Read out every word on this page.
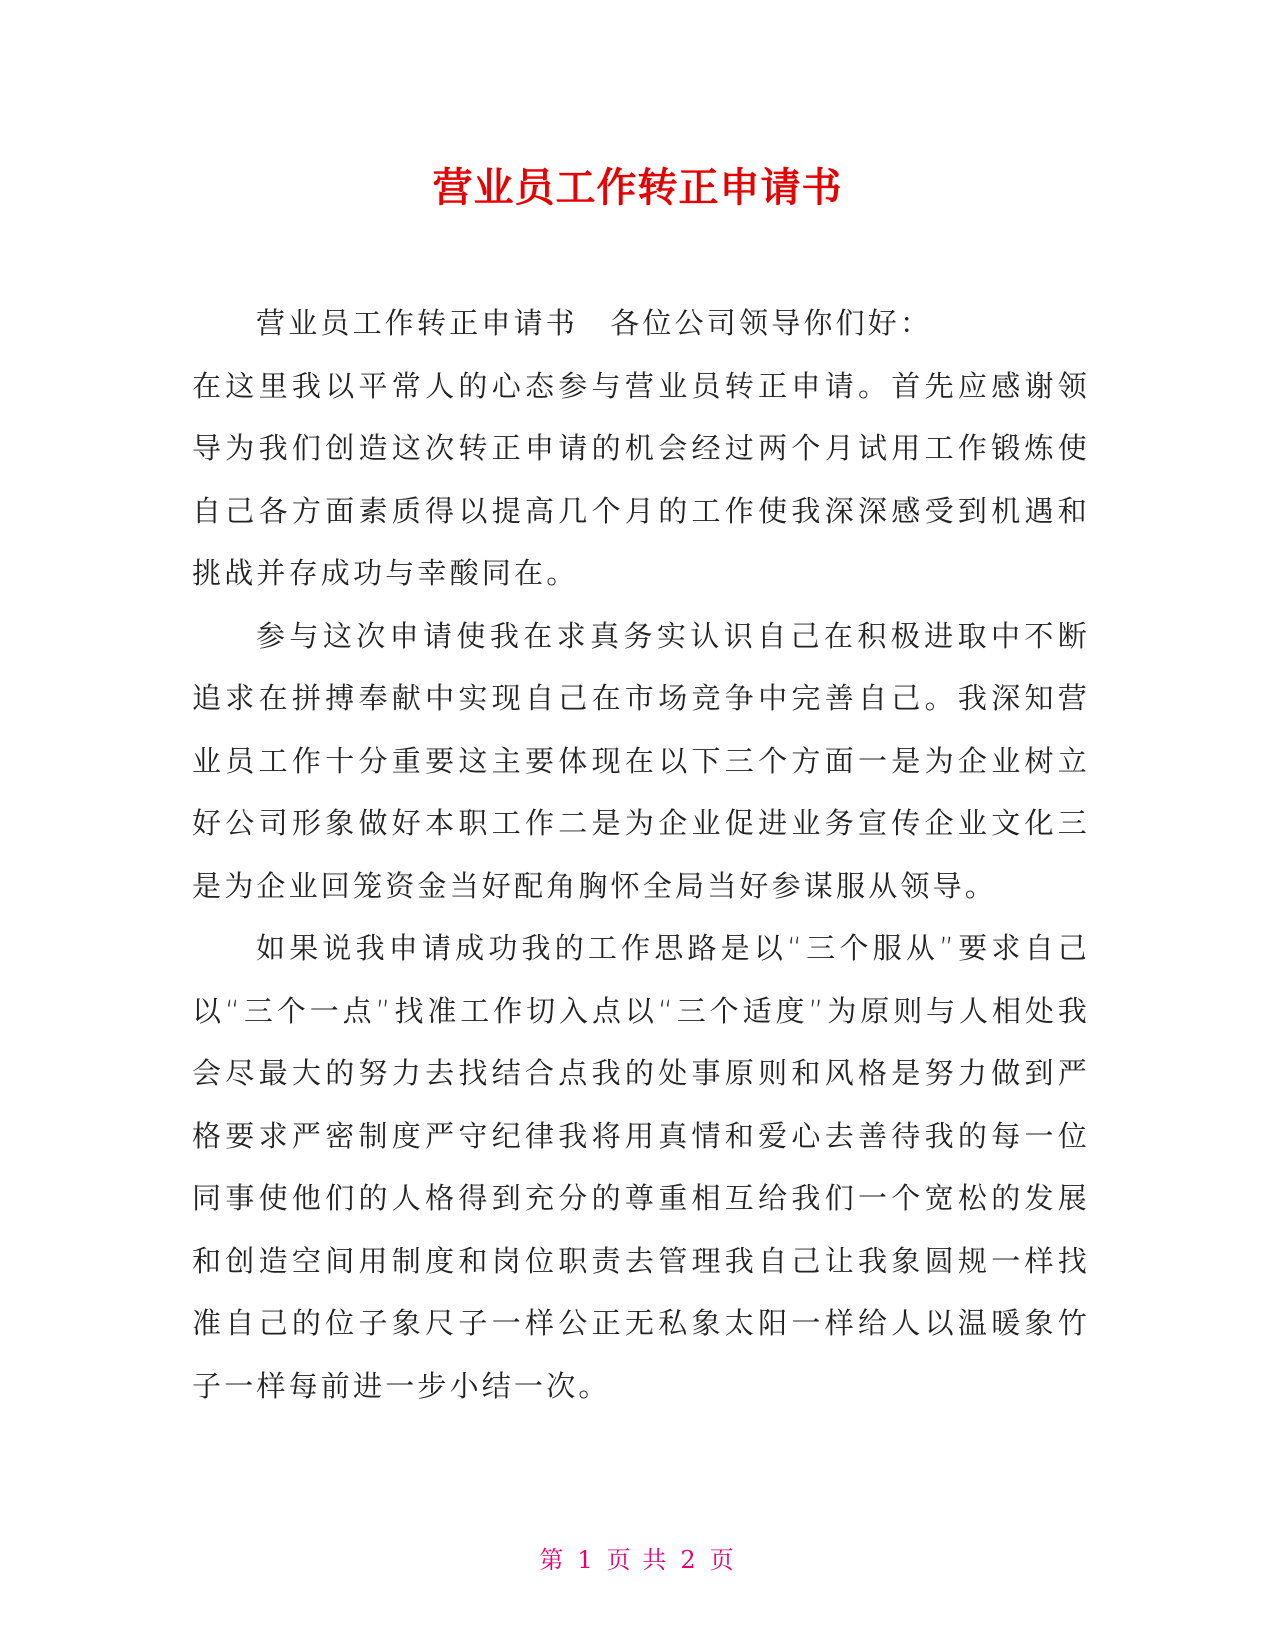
营业员工作转正申请书

营业员工作转正申请书　各位公司领导你们好：

在这里我以平常人的心态参与营业员转正申请。首先应感谢领导为我们创造这次转正申请的机会经过两个月试用工作锻炼使自己各方面素质得以提高几个月的工作使我深深感受到机遇和挑战并存成功与幸酸同在。

参与这次申请使我在求真务实认识自己在积极进取中不断追求在拼搏奉献中实现自己在市场竞争中完善自己。我深知营业员工作十分重要这主要体现在以下三个方面一是为企业树立好公司形象做好本职工作二是为企业促进业务宣传企业文化三是为企业回笼资金当好配角胸怀全局当好参谋服从领导。

如果说我申请成功我的工作思路是以“三个服从”要求自己以“三个一点”找准工作切入点以“三个适度”为原则与人相处我会尽最大的努力去找结合点我的处事原则和风格是努力做到严格要求严密制度严守纪律我将用真情和爱心去善待我的每一位同事使他们的人格得到充分的尊重相互给我们一个宽松的发展和创造空间用制度和岗位职责去管理我自己让我象圆规一样找准自己的位子象尺子一样公正无私象太阳一样给人以温暖象竹子一样每前进一步小结一次。

第 1 页 共 2 页
